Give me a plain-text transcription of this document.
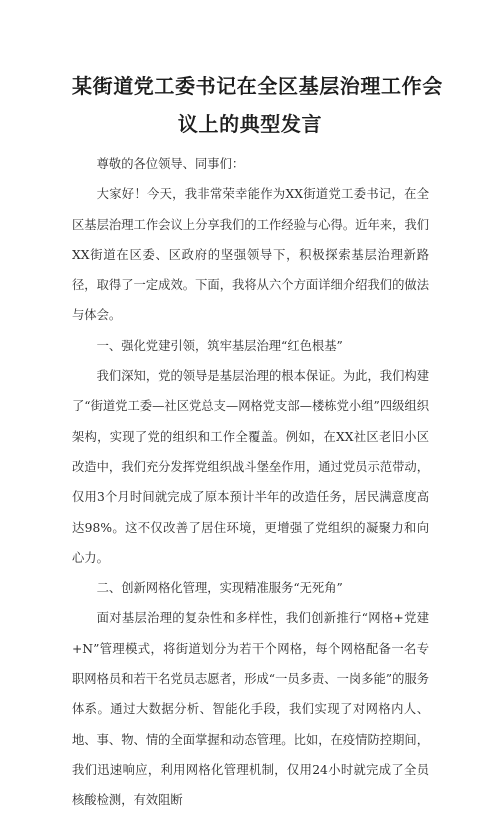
某街道党工委书记在全区基层治理工作会
议上的典型发言

尊敬的各位领导、同事们：

大家好！今天，我非常荣幸能作为XX街道党工委书记，在全区基层治理工作会议上分享我们的工作经验与心得。近年来，我们XX街道在区委、区政府的坚强领导下，积极探索基层治理新路径，取得了一定成效。下面，我将从六个方面详细介绍我们的做法与体会。

一、强化党建引领，筑牢基层治理“红色根基”

我们深知，党的领导是基层治理的根本保证。为此，我们构建了“街道党工委—社区党总支—网格党支部—楼栋党小组”四级组织架构，实现了党的组织和工作全覆盖。例如，在XX社区老旧小区改造中，我们充分发挥党组织战斗堡垒作用，通过党员示范带动，仅用3个月时间就完成了原本预计半年的改造任务，居民满意度高达98%。这不仅改善了居住环境，更增强了党组织的凝聚力和向心力。

二、创新网格化管理，实现精准服务“无死角”

面对基层治理的复杂性和多样性，我们创新推行“网格+党建+N”管理模式，将街道划分为若干个网格，每个网格配备一名专职网格员和若干名党员志愿者，形成“一员多责、一岗多能”的服务体系。通过大数据分析、智能化手段，我们实现了对网格内人、地、事、物、情的全面掌握和动态管理。比如，在疫情防控期间，我们迅速响应，利用网格化管理机制，仅用24小时就完成了全员核酸检测，有效阻断
